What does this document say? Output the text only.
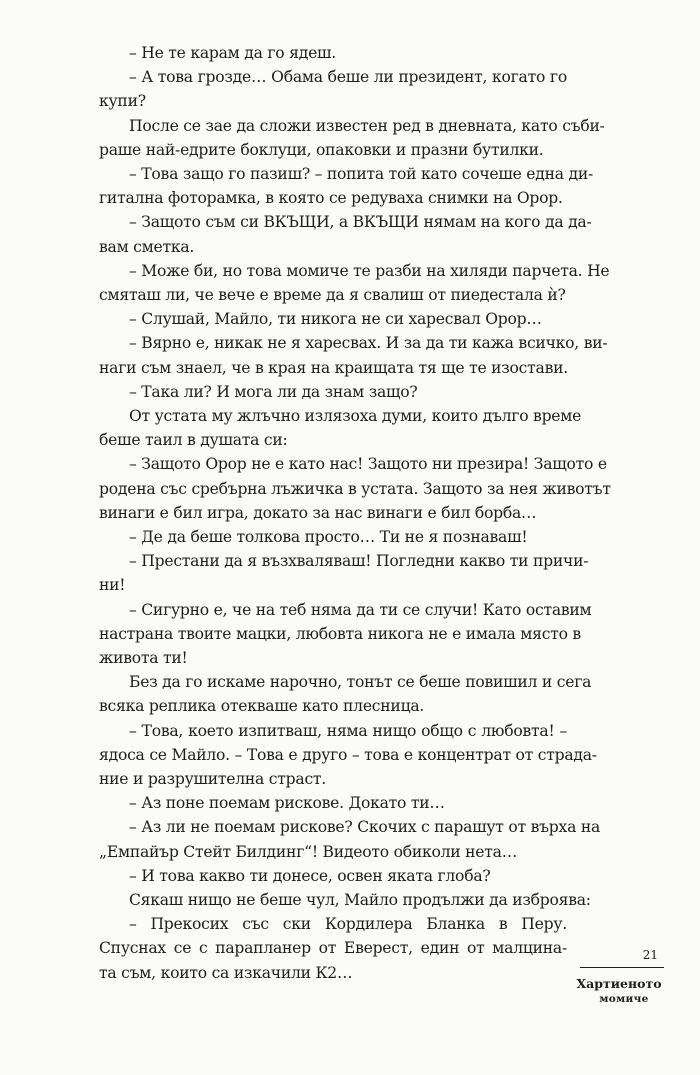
– Не те карам да го ядеш.
– А това грозде… Обама беше ли президент, когато го
купи?
После се зае да сложи известен ред в дневната, като съби-
раше най-едрите боклуци, опаковки и празни бутилки.
– Това защо го пазиш? – попита той като сочеше една ди-
гитална фоторамка, в която се редуваха снимки на Орор.
– Защото съм си ВКЪЩИ, а ВКЪЩИ нямам на кого да да-
вам сметка.
– Може би, но това момиче те разби на хиляди парчета. Не
смяташ ли, че вече е време да я свалиш от пиедестала ѝ?
– Слушай, Майло, ти никога не си харесвал Орор…
– Вярно е, никак не я харесвах. И за да ти кажа всичко, ви-
наги съм знаел, че в края на краищата тя ще те изостави.
– Така ли? И мога ли да знам защо?
От устата му жлъчно излязоха думи, които дълго време
беше таил в душата си:
– Защото Орор не е като нас! Защото ни презира! Защото е
родена със сребърна лъжичка в устата. Защото за нея животът
винаги е бил игра, докато за нас винаги е бил борба…
– Де да беше толкова просто… Ти не я познаваш!
– Престани да я възхваляваш! Погледни какво ти причи-
ни!
– Сигурно е, че на теб няма да ти се случи! Като оставим
настрана твоите мацки, любовта никога не е имала място в
живота ти!
Без да го искаме нарочно, тонът се беше повишил и сега
всяка реплика отекваше като плесница.
– Това, което изпитваш, няма нищо общо с любовта! –
ядоса се Майло. – Това е друго – това е концентрат от страда-
ние и разрушителна страст.
– Аз поне поемам рискове. Докато ти…
– Аз ли не поемам рискове? Скочих с парашут от върха на
„Емпайър Стейт Билдинг“! Видеото обиколи нета…
– И това какво ти донесе, освен яката глоба?
Сякаш нищо не беше чул, Майло продължи да изброява:
– Прекосих със ски Кордилера Бланка в Перу.
Спуснах се с парапланер от Еверест, един от малцина-
та съм, които са изкачили К2…
21
Хартиеното
момиче
